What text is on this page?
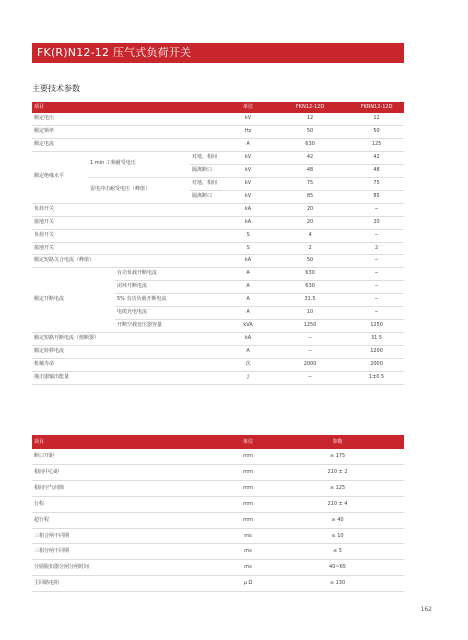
FK(R)N12-12 压气式负荷开关
主要技术参数
项目				单位	FKN12-12D	FKRN12-12D
额定电压				kV	12	12
额定频率				Hz	50	50
额定电流				A	630	125
额定绝缘水平	1 min 工频耐受电压		对地、相间	kV	42	42
			隔离断口	kV	48	48
	雷电冲击耐受电压（峰值）		对地、相间	kV	75	75
			隔离断口	kV	85	85
负荷开关				kA	20	−
接地开关				kA	20	20
负荷开关				S	4	−
接地开关				S	2	2
额定短路关合电流（峰值）				kA	50	−
额定开断电流		有功负载开断电流		A	630	−
		闭环开断电流		A	630	−
		5% 有功负载开断电流		A	31.5	−
		电缆充电电流		A	10	−
		开断空载变压器容量		kVA	1250	1250
额定短路开断电流（熔断器）				kA	−	31.5
额定转移电流				A	−	1200
机械寿命				次	2000	2000
撞击器输出能量				J	−	1±0.5
项目	单位	参数
断口开距	mm	≥ 175
相间中心距	mm	210 ± 2
相间空气间隙	mm	≥ 125
行程	mm	210 ± 4
超行程	mm	≥ 40
三相合闸不同期	ms	≤ 10
三相分闸不同期	ms	≤ 5
分励脱扣器分闸分闸时间	ms	40~65
主回路电阻	μ Ω	≤ 130
162
